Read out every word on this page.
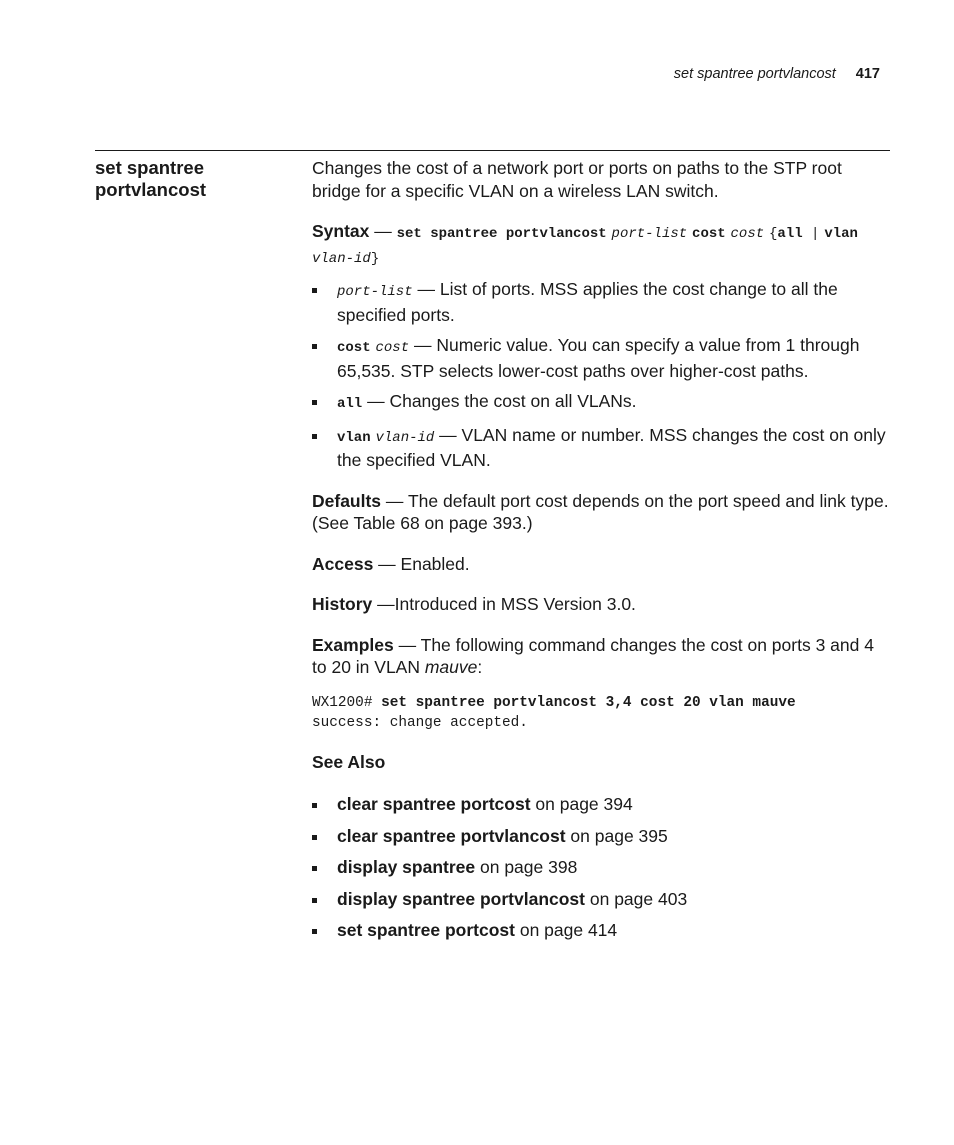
set spantree portvlancost 417
set spantree
portvlancost

Changes the cost of a network port or ports on paths to the STP root bridge for a specific VLAN on a wireless LAN switch.

Syntax — set spantree portvlancost port-list cost cost {all | vlan vlan-id}

port-list — List of ports. MSS applies the cost change to all the specified ports.
cost cost — Numeric value. You can specify a value from 1 through 65,535. STP selects lower-cost paths over higher-cost paths.
all — Changes the cost on all VLANs.
vlan vlan-id — VLAN name or number. MSS changes the cost on only the specified VLAN.

Defaults — The default port cost depends on the port speed and link type. (See Table 68 on page 393.)

Access — Enabled.

History —Introduced in MSS Version 3.0.

Examples — The following command changes the cost on ports 3 and 4 to 20 in VLAN mauve:

WX1200# set spantree portvlancost 3,4 cost 20 vlan mauve
success: change accepted.

See Also

clear spantree portcost on page 394
clear spantree portvlancost on page 395
display spantree on page 398
display spantree portvlancost on page 403
set spantree portcost on page 414
